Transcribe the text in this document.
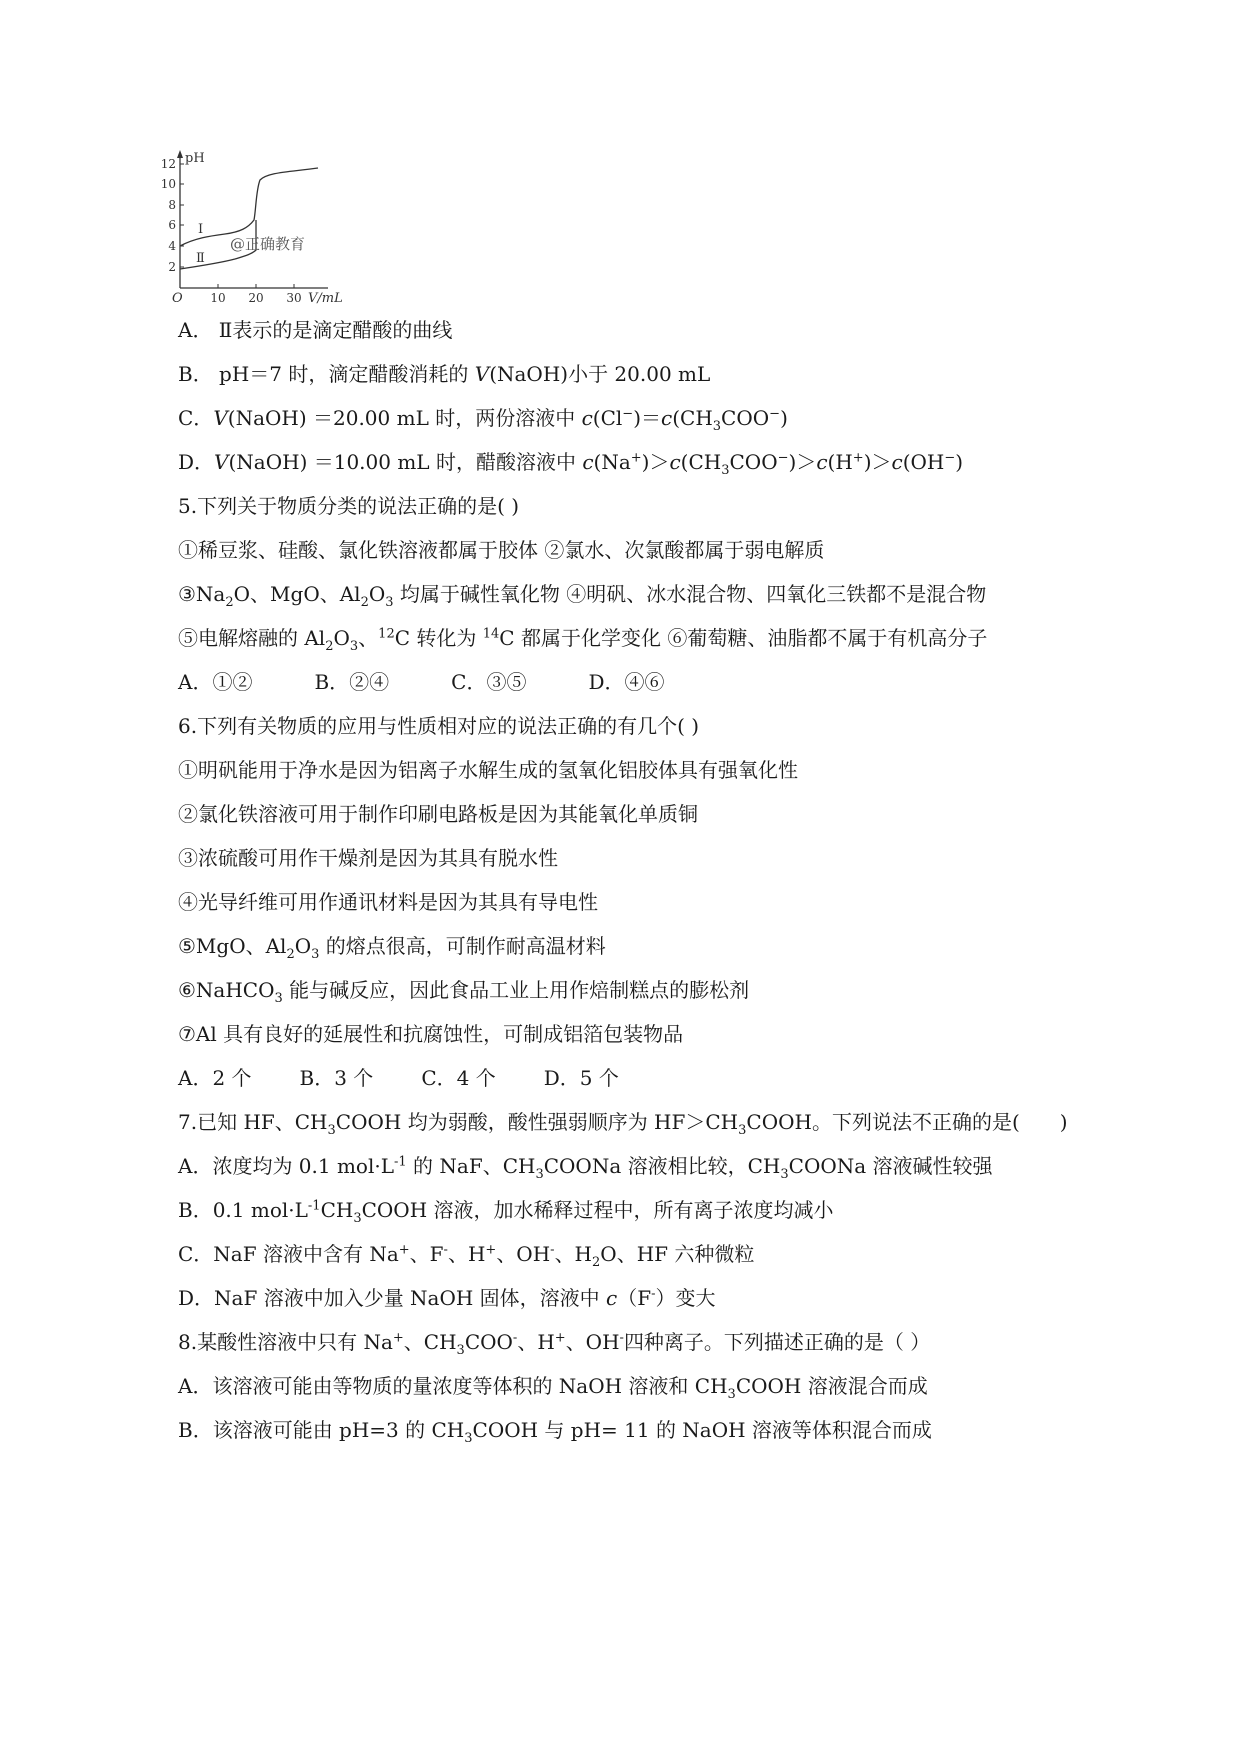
pH
V/mL
O
2
4
6
8
10
12
10 20 30
Ⅰ
Ⅱ
@正确教育
A． Ⅱ表示的是滴定醋酸的曲线
B． pH＝7 时，滴定醋酸消耗的 V(NaOH)小于 20.00 mL
C．V(NaOH) ＝20.00 mL 时，两份溶液中 $c(Cl^-)=c(CH_3COO^-)$
D．V(NaOH) ＝10.00 mL 时，醋酸溶液中 $c(Na^+)>c(CH_3COO^-)>c(H^+)>c(OH^-)$
5.下列关于物质分类的说法正确的是( )
①稀豆浆、硅酸、氯化铁溶液都属于胶体 ②氯水、次氯酸都属于弱电解质
$③Na_2O$、MgO、$Al_2O_3$ 均属于碱性氧化物 ④明矾、冰水混合物、四氧化三铁都不是混合物
⑤电解熔融的 $Al_2O_3$、$^{12}$C 转化为 $^{14}$C 都属于化学变化 ⑥葡萄糖、油脂都不属于有机高分子
A．①②	B．②④	C．③⑤	D．④⑥
6.下列有关物质的应用与性质相对应的说法正确的有几个( )
①明矾能用于净水是因为铝离子水解生成的氢氧化铝胶体具有强氧化性
②氯化铁溶液可用于制作印刷电路板是因为其能氧化单质铜
③浓硫酸可用作干燥剂是因为其具有脱水性
④光导纤维可用作通讯材料是因为其具有导电性
⑤MgO、$Al_2O_3$ 的熔点很高，可制作耐高温材料
⑥NaHCO$_3$ 能与碱反应，因此食品工业上用作焙制糕点的膨松剂
⑦Al 具有良好的延展性和抗腐蚀性，可制成铝箔包装物品
A．2 个 B．3 个 C．4 个 D．5 个
7.已知 HF、$CH_3COOH$ 均为弱酸，酸性强弱顺序为 $HF>CH_3COOH$。下列说法不正确的是(　　)
A．浓度均为 0.1 $mol\cdot L^{-1}$ 的 NaF、$CH_3COONa$ 溶液相比较，$CH_3COONa$ 溶液碱性较强
B．0.1 $mol\cdot L^{-1}CH_3COOH$ 溶液，加水稀释过程中，所有离子浓度均减小
C．NaF 溶液中含有 Na+、F-、H+、OH-、$H_2O$、HF 六种微粒
D．NaF 溶液中加入少量 NaOH 固体，溶液中 c（F-）变大
8.某酸性溶液中只有 Na+、$CH_3COO^-$、H+、OH-四种离子。下列描述正确的是（ ）
A．该溶液可能由等物质的量浓度等体积的 NaOH 溶液和 $CH_3COOH$ 溶液混合而成
B．该溶液可能由 pH=3 的 $CH_3COOH$ 与 pH= 11 的 NaOH 溶液等体积混合而成
